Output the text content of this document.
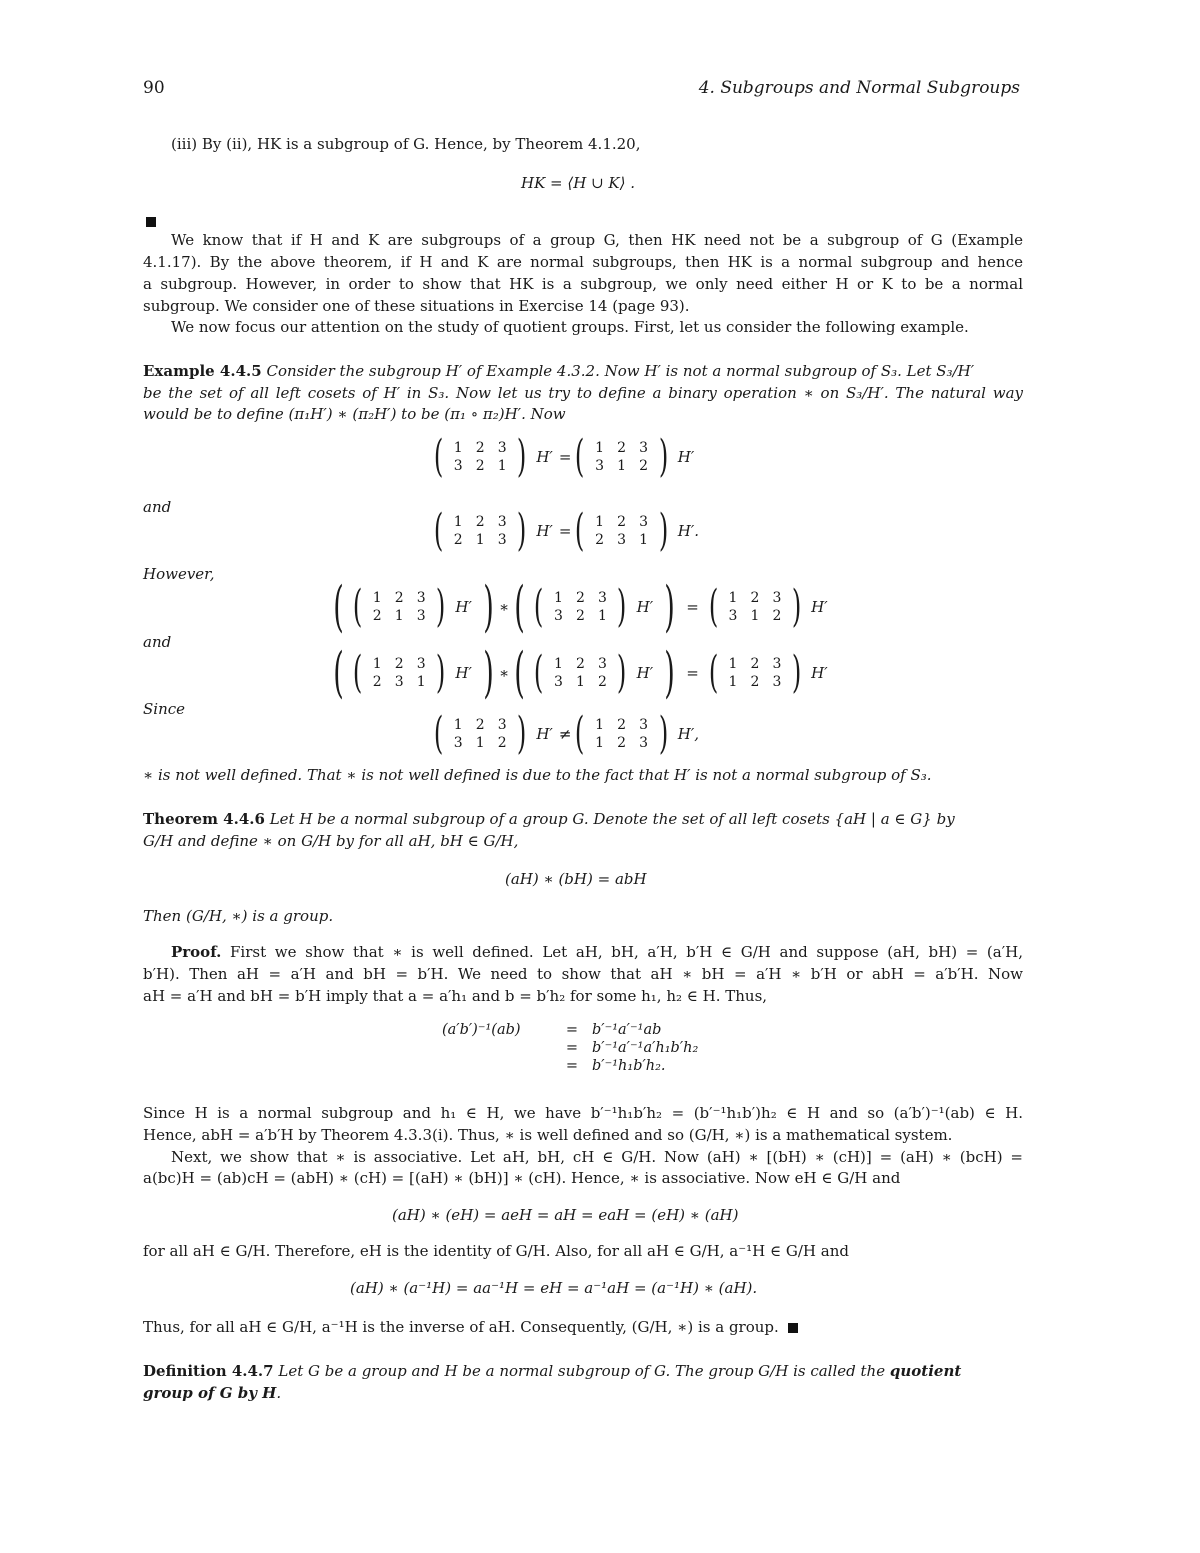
90	4. Subgroups and Normal Subgroups
(iii) By (ii), HK is a subgroup of G. Hence, by Theorem 4.1.20,
HK = ⟨H ∪ K⟩ .
We know that if H and K are subgroups of a group G, then HK need not be a subgroup of G (Example
4.1.17). By the above theorem, if H and K are normal subgroups, then HK is a normal subgroup and hence
a subgroup. However, in order to show that HK is a subgroup, we only need either H or K to be a normal
subgroup. We consider one of these situations in Exercise 14 (page 93).
We now focus our attention on the study of quotient groups. First, let us consider the following example.
Example 4.4.5 Consider the subgroup H′ of Example 4.3.2. Now H′ is not a normal subgroup of S₃. Let S₃/H′
be the set of all left cosets of H′ in S₃. Now let us try to define a binary operation ∗ on S₃/H′. The natural way
would be to define (π₁H′) ∗ (π₂H′) to be (π₁ ∘ π₂)H′. Now
( 1 2 3
3 2 1 ) H′ = ( 1 2 3
3 1 2 ) H′
and	( 1 2 3
2 1 3 ) H′ = ( 1 2 3
2 3 1 ) H′.
However,
( ( 1 2 3
2 1 3 ) H′ ) ∗ ( ( 1 2 3
3 2 1 ) H′ ) = ( 1 2 3
3 1 2 ) H′
and	( ( 1 2 3
2 3 1 ) H′ ) ∗ ( ( 1 2 3
3 1 2 ) H′ ) = ( 1 2 3
1 2 3 ) H′
Since	( 1 2 3
3 1 2 ) H′ ≠ ( 1 2 3
1 2 3 ) H′,
∗ is not well defined. That ∗ is not well defined is due to the fact that H′ is not a normal subgroup of S₃.
Theorem 4.4.6 Let H be a normal subgroup of a group G. Denote the set of all left cosets {aH | a ∈ G} by
G/H and define ∗ on G/H by for all aH, bH ∈ G/H,
(aH) ∗ (bH) = abH
Then (G/H, ∗) is a group.
Proof. First we show that ∗ is well defined. Let aH, bH, a′H, b′H ∈ G/H and suppose (aH, bH) = (a′H,
b′H). Then aH = a′H and bH = b′H. We need to show that aH ∗ bH = a′H ∗ b′H or abH = a′b′H. Now
aH = a′H and bH = b′H imply that a = a′h₁ and b = b′h₂ for some h₁, h₂ ∈ H. Thus,
(a′b′)⁻¹(ab)	= b′⁻¹a′⁻¹ab
= b′⁻¹a′⁻¹a′h₁b′h₂
= b′⁻¹h₁b′h₂.
Since H is a normal subgroup and h₁ ∈ H, we have b′⁻¹h₁b′h₂ = (b′⁻¹h₁b′)h₂ ∈ H and so (a′b′)⁻¹(ab) ∈ H.
Hence, abH = a′b′H by Theorem 4.3.3(i). Thus, ∗ is well defined and so (G/H, ∗) is a mathematical system.
Next, we show that ∗ is associative. Let aH, bH, cH ∈ G/H. Now (aH) ∗ [(bH) ∗ (cH)] = (aH) ∗ (bcH) =
a(bc)H = (ab)cH = (abH) ∗ (cH) = [(aH) ∗ (bH)] ∗ (cH). Hence, ∗ is associative. Now eH ∈ G/H and
(aH) ∗ (eH) = aeH = aH = eaH = (eH) ∗ (aH)
for all aH ∈ G/H. Therefore, eH is the identity of G/H. Also, for all aH ∈ G/H, a⁻¹H ∈ G/H and
(aH) ∗ (a⁻¹H) = aa⁻¹H = eH = a⁻¹aH = (a⁻¹H) ∗ (aH).
Thus, for all aH ∈ G/H, a⁻¹H is the inverse of aH. Consequently, (G/H, ∗) is a group.
Definition 4.4.7 Let G be a group and H be a normal subgroup of G. The group G/H is called the quotient
group of G by H.
